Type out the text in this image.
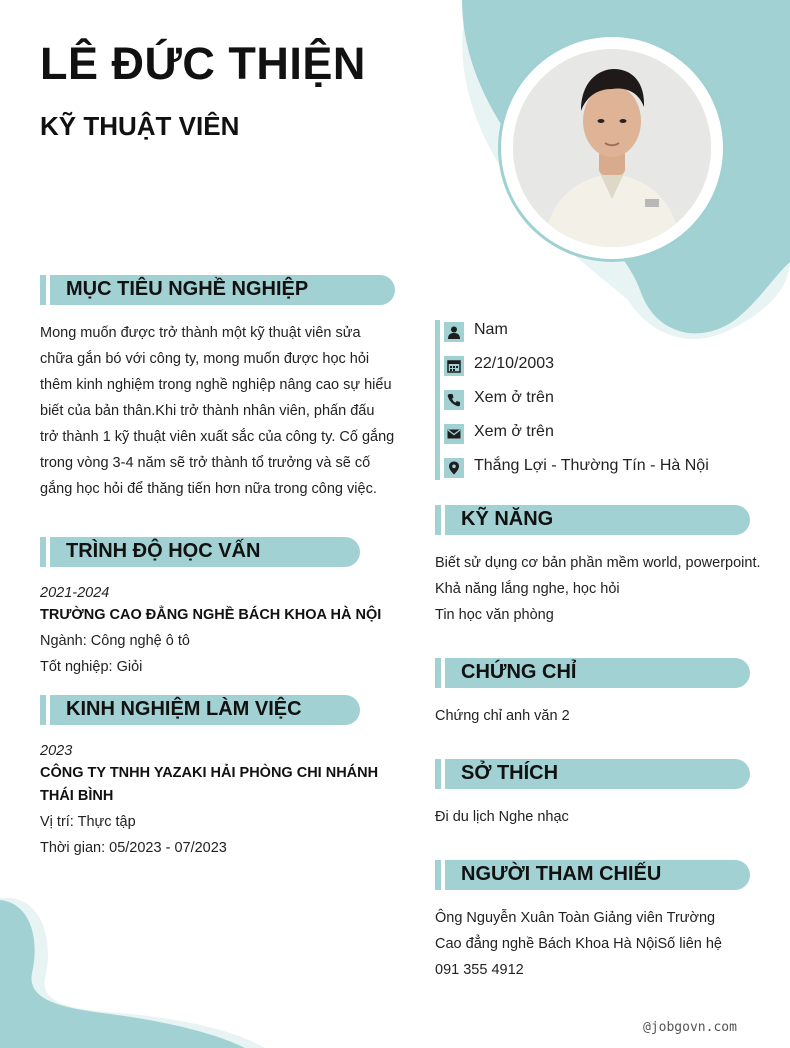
LÊ ĐỨC THIỆN
KỸ THUẬT VIÊN
MỤC TIÊU NGHỀ NGHIỆP

Mong muốn được trở thành một kỹ thuật viên sửa chữa gắn bó với công ty, mong muốn được học hỏi thêm kinh nghiệm trong nghề nghiệp nâng cao sự hiểu biết của bản thân.Khi trở thành nhân viên, phấn đấu trở thành 1 kỹ thuật viên xuất sắc của công ty. Cố gắng trong vòng 3-4 năm sẽ trở thành tổ trưởng và sẽ cố gắng học hỏi để thăng tiến hơn nữa trong công việc.

TRÌNH ĐỘ HỌC VẤN
2021-2024
TRƯỜNG CAO ĐẲNG NGHỀ BÁCH KHOA HÀ NỘI
Ngành: Công nghệ ô tô
Tốt nghiệp: Giỏi
KINH NGHIỆM LÀM VIỆC
2023
CÔNG TY TNHH YAZAKI HẢI PHÒNG CHI NHÁNH THÁI BÌNH
Vị trí: Thực tập
Thời gian: 05/2023 - 07/2023
Nam
22/10/2003
Xem ở trên
Xem ở trên
Thắng Lợi - Thường Tín - Hà Nội
KỸ NĂNG
Biết sử dụng cơ bản phần mềm world, powerpoint.
Khả năng lắng nghe, học hỏi
Tin học văn phòng
CHỨNG CHỈ
Chứng chỉ anh văn 2
SỞ THÍCH
Đi du lịch Nghe nhạc
NGƯỜI THAM CHIẾU

Ông Nguyễn Xuân Toàn Giảng viên Trường Cao đẳng nghề Bách Khoa Hà NộiSố liên hệ 091 355 4912

@jobgovn.com
